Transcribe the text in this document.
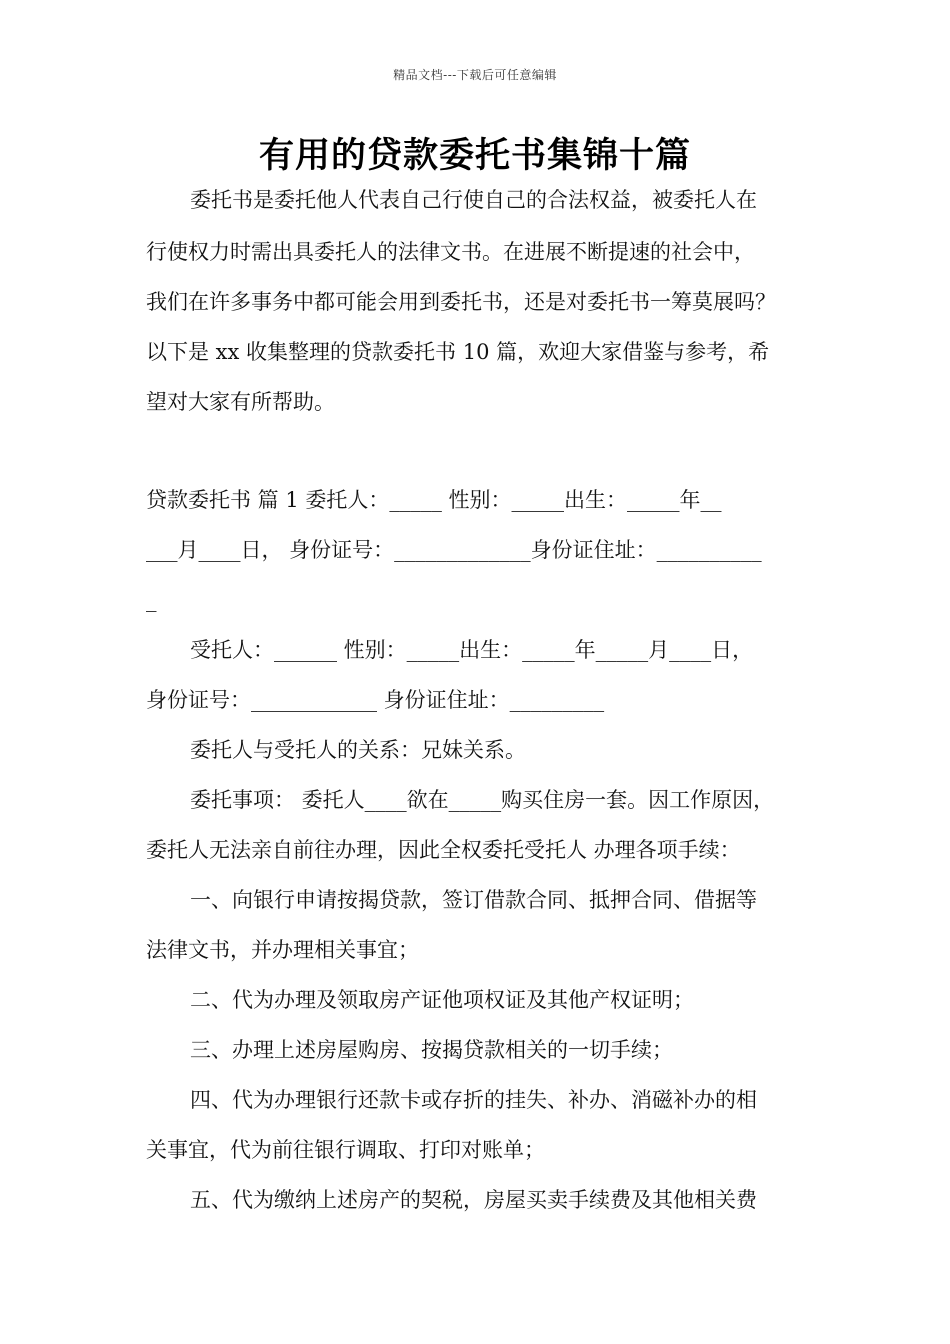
精品文档---下载后可任意编辑
有用的贷款委托书集锦十篇
委托书是委托他人代表自己行使自己的合法权益，被委托人在
行使权力时需出具委托人的法律文书。在进展不断提速的社会中，
我们在许多事务中都可能会用到委托书，还是对委托书一筹莫展吗？
以下是 xx 收集整理的贷款委托书 10 篇，欢迎大家借鉴与参考，希
望对大家有所帮助。
贷款委托书 篇 1 委托人：_____ 性别：_____出生：_____年__
___月____日， 身份证号：_____________身份证住址：__________
_
受托人：______ 性别：_____出生：_____年_____月____日，
身份证号：____________ 身份证住址：_________
委托人与受托人的关系：兄妹关系。
委托事项： 委托人____欲在_____购买住房一套。因工作原因，
委托人无法亲自前往办理，因此全权委托受托人 办理各项手续：
一、向银行申请按揭贷款，签订借款合同、抵押合同、借据等
法律文书，并办理相关事宜；
二、代为办理及领取房产证他项权证及其他产权证明；
三、办理上述房屋购房、按揭贷款相关的一切手续；
四、代为办理银行还款卡或存折的挂失、补办、消磁补办的相
关事宜，代为前往银行调取、打印对账单；
五、代为缴纳上述房产的契税，房屋买卖手续费及其他相关费
